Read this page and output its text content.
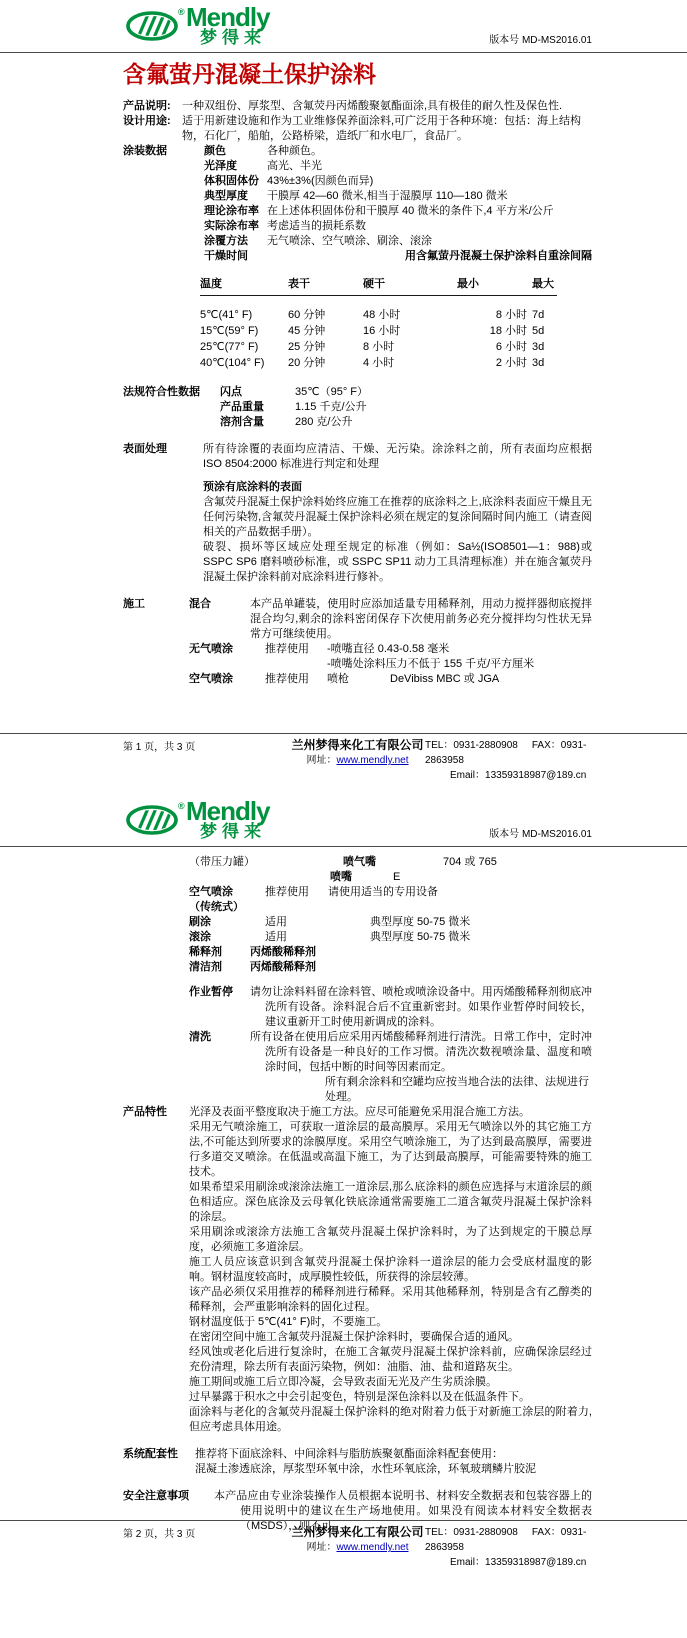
® Mendly
梦得来	版本号 MD-MS2016.01
含氟萤丹混凝土保护涂料
产品说明:	一种双组份、厚浆型、含氟荧丹丙烯酸聚氨酯面涂,具有极佳的耐久性及保色性.
设计用途:	适于用新建设施和作为工业维修保养面涂料,可广泛用于各种环境：包括：海上结构物，石化厂，船舶，公路桥梁，造纸厂和水电厂，食品厂。
涂装数据	颜色	各种颜色。
光泽度	高光、半光
体积固体份 43%±3%(因颜色而异)
典型厚度	干膜厚 42—60 微米,相当于湿膜厚 110—180 微米
理论涂布率 在上述体积固体份和干膜厚 40 微米的条件下,4 平方米/公斤
实际涂布率 考虑适当的损耗系数
涂覆方法	无气喷涂、空气喷涂、刷涂、滚涂
干燥时间	用含氟萤丹混凝土保护涂料自重涂间隔
温度	表干	硬干	最小	最大
5℃(41° F)	60 分钟	48 小时	8 小时 7d
15℃(59° F)	45 分钟	16 小时	18 小时 5d
25℃(77° F)	25 分钟	8 小时	6 小时 3d
40℃(104° F)	20 分钟	4 小时	2 小时 3d
法规符合性数据	闪点	35℃（95° F）
产品重量	1.15 千克/公升
溶剂含量	280 克/公升
表面处理	所有待涂覆的表面均应清洁、干燥、无污染。涂涂料之前，所有表面均应根据 ISO 8504:2000 标准进行判定和处理
预涂有底涂料的表面
含氟荧丹混凝土保护涂料始终应施工在推荐的底涂料之上,底涂料表面应干燥且无任何污染物,含氟荧丹混凝土保护涂料必须在规定的复涂间隔时间内施工（请查阅相关的产品数据手册）。
破裂、损坏等区域应处理至规定的标准（例如：Sa½(ISO8501—1：988)或 SSPC SP6 磨料喷砂标准，或 SSPC SP11 动力工具清理标准）并在施含氟荧丹混凝土保护涂料前对底涂料进行修补。
施工	混合	本产品单罐装，使用时应添加适量专用稀释剂，用动力搅拌器彻底搅拌混合均匀,剩余的涂料密闭保存下次使用前务必充分搅拌均匀性状无异常方可继续使用。
无气喷涂	推荐使用	-喷嘴直径 0.43-0.58 毫米
-喷嘴处涂料压力不低于 155 千克/平方厘米
空气喷涂	推荐使用	喷枪	DeVibiss MBC 或 JGA
第 1 页，共 3 页	兰州梦得来化工有限公司
网址：www.mendly.net
TEL：0931-2880908 FAX：0931-2863958
Email：13359318987@189.cn
® Mendly
梦得来	版本号 MD-MS2016.01
（带压力罐）	喷气嘴	704 或 765
喷嘴	E
空气喷涂	推荐使用	请使用适当的专用设备
（传统式）
刷涂	适用	典型厚度 50-75 微米
滚涂	适用	典型厚度 50-75 微米
稀释剂	丙烯酸稀释剂
清洁剂	丙烯酸稀释剂
作业暂停	请勿让涂料料留在涂料管、喷枪或喷涂设备中。用丙烯酸稀释剂彻底冲洗所有设备。涂料混合后不宜重新密封。如果作业暂停时间较长，建议重新开工时使用新调成的涂料。
清洗	所有设备在使用后应采用丙烯酸稀释剂进行清洗。日常工作中，定时冲洗所有设备是一种良好的工作习惯。清洗次数视喷涂量、温度和喷涂时间，包括中断的时间等因素而定。
所有剩余涂料和空罐均应按当地合法的法律、法规进行处理。
产品特性	光泽及表面平整度取决于施工方法。应尽可能避免采用混合施工方法。
采用无气喷涂施工，可获取一道涂层的最高膜厚。采用无气喷涂以外的其它施工方法,不可能达到所要求的涂膜厚度。采用空气喷涂施工，为了达到最高膜厚，需要进行多道交叉喷涂。在低温或高温下施工，为了达到最高膜厚，可能需要特殊的施工技术。
如果希望采用刷涂或滚涂法施工一道涂层,那么底涂料的颜色应选择与末道涂层的颜色相适应。深色底涂及云母氧化铁底涂通常需要施工二道含氟荧丹混凝土保护涂料的涂层。
采用刷涂或滚涂方法施工含氟荧丹混凝土保护涂料时，为了达到规定的干膜总厚度，必须施工多道涂层。
施工人员应该意识到含氟荧丹混凝土保护涂料一道涂层的能力会受底材温度的影响。钢材温度较高时，成厚膜性较低，所获得的涂层较薄。
该产品必须仅采用推荐的稀释剂进行稀释。采用其他稀释剂，特别是含有乙醇类的稀释剂，会严重影响涂料的固化过程。
钢材温度低于 5℃(41° F)时，不要施工。
在密闭空间中施工含氟荧丹混凝土保护涂料时，要确保合适的通风。
经风蚀或老化后进行复涂时，在施工含氟荧丹混凝土保护涂料前，应确保涂层经过充份清理，除去所有表面污染物，例如：油脂、油、盐和道路灰尘。
施工期间或施工后立即冷凝，会导致表面无光及产生劣质涂膜。
过早暴露于积水之中会引起变色，特别是深色涂料以及在低温条件下。
面涂料与老化的含氟荧丹混凝土保护涂料的绝对附着力低于对新施工涂层的附着力,但应考虑具体用途。
系统配套性	推荐将下面底涂料、中间涂料与脂肪族聚氨酯面涂料配套使用：
混凝土渗透底涂，厚浆型环氧中涂，水性环氧底涂，环氧玻璃鳞片胶泥
安全注意事项	本产品应由专业涂装操作人员根据本说明书、材料安全数据表和包装容器上的使用说明中的建议在生产场地使用。如果没有阅读本材料安全数据表（MSDS），则不可
第 2 页，共 3 页	兰州梦得来化工有限公司
网址：www.mendly.net
TEL：0931-2880908 FAX：0931-2863958
Email：13359318987@189.cn
